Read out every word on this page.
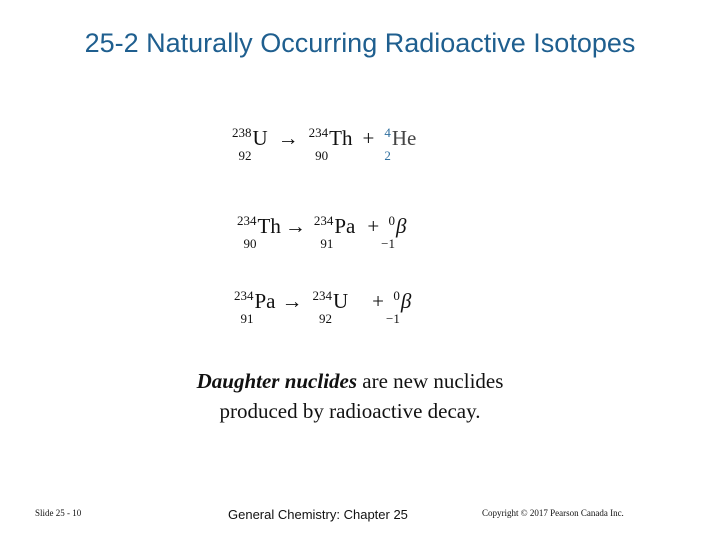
25-2 Naturally Occurring Radioactive Isotopes
238
92
U → 234
90
Th + 4
2
He
234
90
Th → 234
91
Pa + 0
−1
β
234
91
Pa → 234
92
U + 0
−1
β

Daughter nuclides are new nuclides

produced by radioactive decay.

Slide 25 - 10	General Chemistry: Chapter 25	Copyright © 2017 Pearson Canada Inc.
